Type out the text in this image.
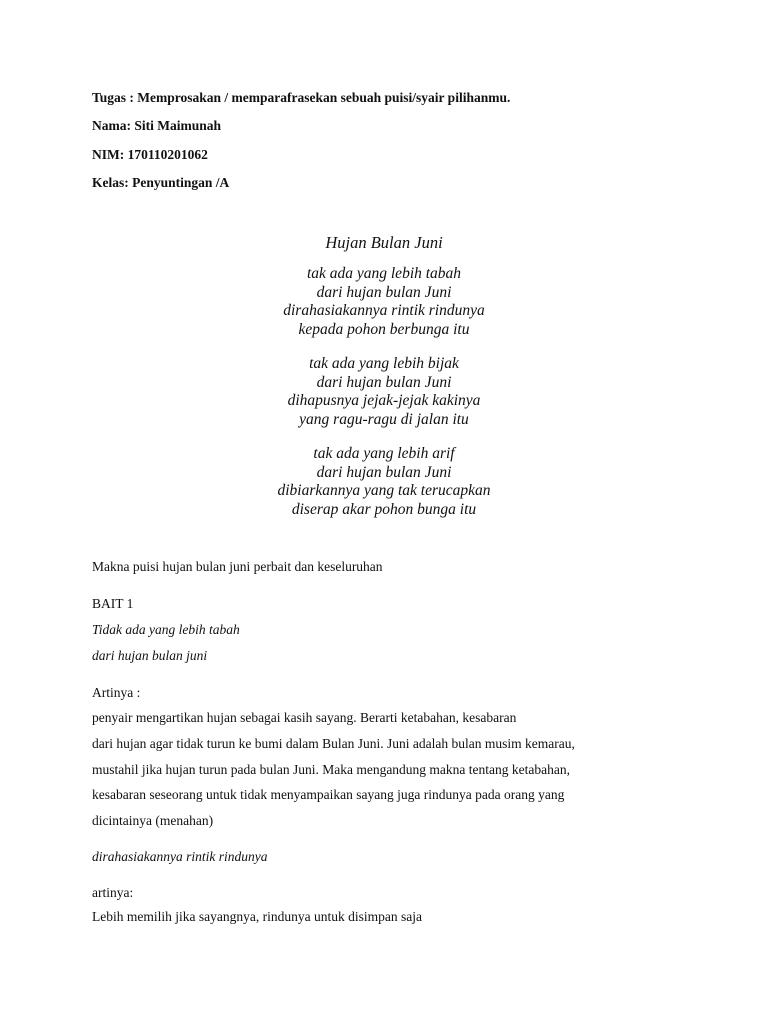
Tugas : Memprosakan / memparafrasekan sebuah puisi/syair pilihanmu.
Nama: Siti Maimunah
NIM: 170110201062
Kelas: Penyuntingan /A
Hujan Bulan Juni
tak ada yang lebih tabah
dari hujan bulan Juni
dirahasiakannya rintik rindunya
kepada pohon berbunga itu
tak ada yang lebih bijak
dari hujan bulan Juni
dihapusnya jejak-jejak kakinya
yang ragu-ragu di jalan itu
tak ada yang lebih arif
dari hujan bulan Juni
dibiarkannya yang tak terucapkan
diserap akar pohon bunga itu
Makna puisi hujan bulan juni perbait dan keseluruhan
BAIT 1
Tidak ada yang lebih tabah
dari hujan bulan juni
Artinya :
penyair mengartikan hujan sebagai kasih sayang. Berarti ketabahan, kesabaran
dari hujan agar tidak turun ke bumi dalam Bulan Juni. Juni adalah bulan musim kemarau,
mustahil jika hujan turun pada bulan Juni. Maka mengandung makna tentang ketabahan,
kesabaran seseorang untuk tidak menyampaikan sayang juga rindunya pada orang yang
dicintainya (menahan)
dirahasiakannya rintik rindunya
artinya:
Lebih memilih jika sayangnya, rindunya untuk disimpan saja
